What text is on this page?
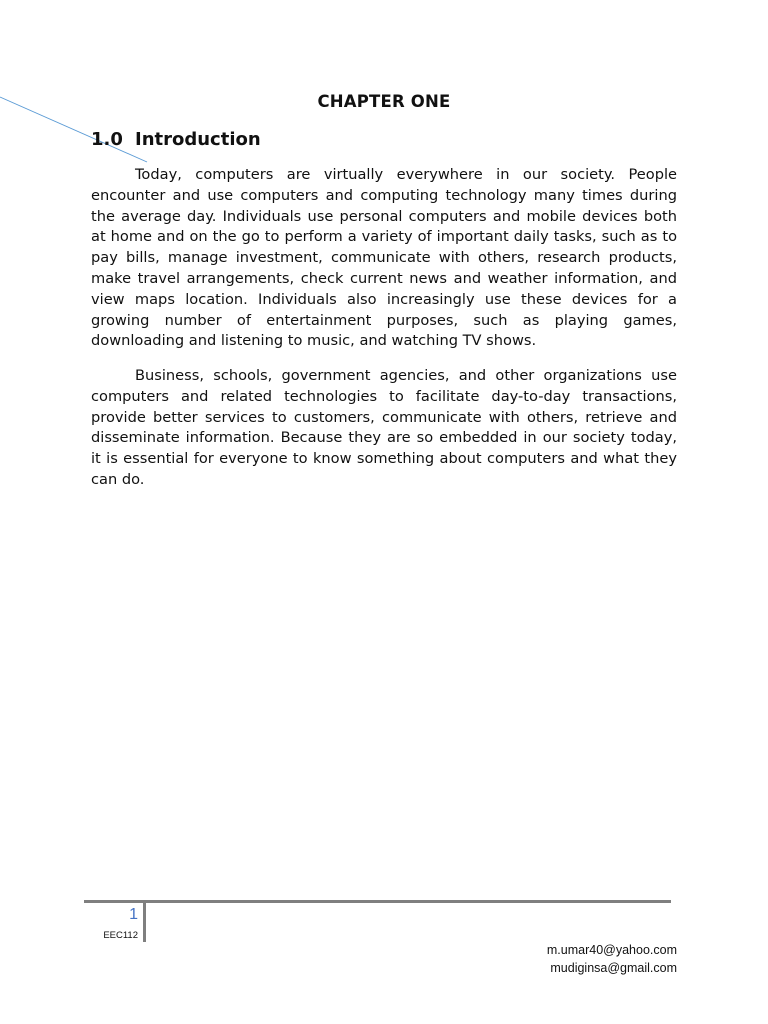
CHAPTER ONE
1.0 Introduction

Today, computers are virtually everywhere in our society. People encounter and use computers and computing technology many times during the average day. Individuals use personal computers and mobile devices both at home and on the go to perform a variety of important daily tasks, such as to pay bills, manage investment, communicate with others, research products, make travel arrangements, check current news and weather information, and view maps location. Individuals also increasingly use these devices for a growing number of entertainment purposes, such as playing games, downloading and listening to music, and watching TV shows.

Business, schools, government agencies, and other organizations use computers and related technologies to facilitate day-to-day transactions, provide better services to customers, communicate with others, retrieve and disseminate information. Because they are so embedded in our society today, it is essential for everyone to know something about computers and what they can do.

1
EEC112
m.umar40@yahoo.com
mudiginsa@gmail.com
